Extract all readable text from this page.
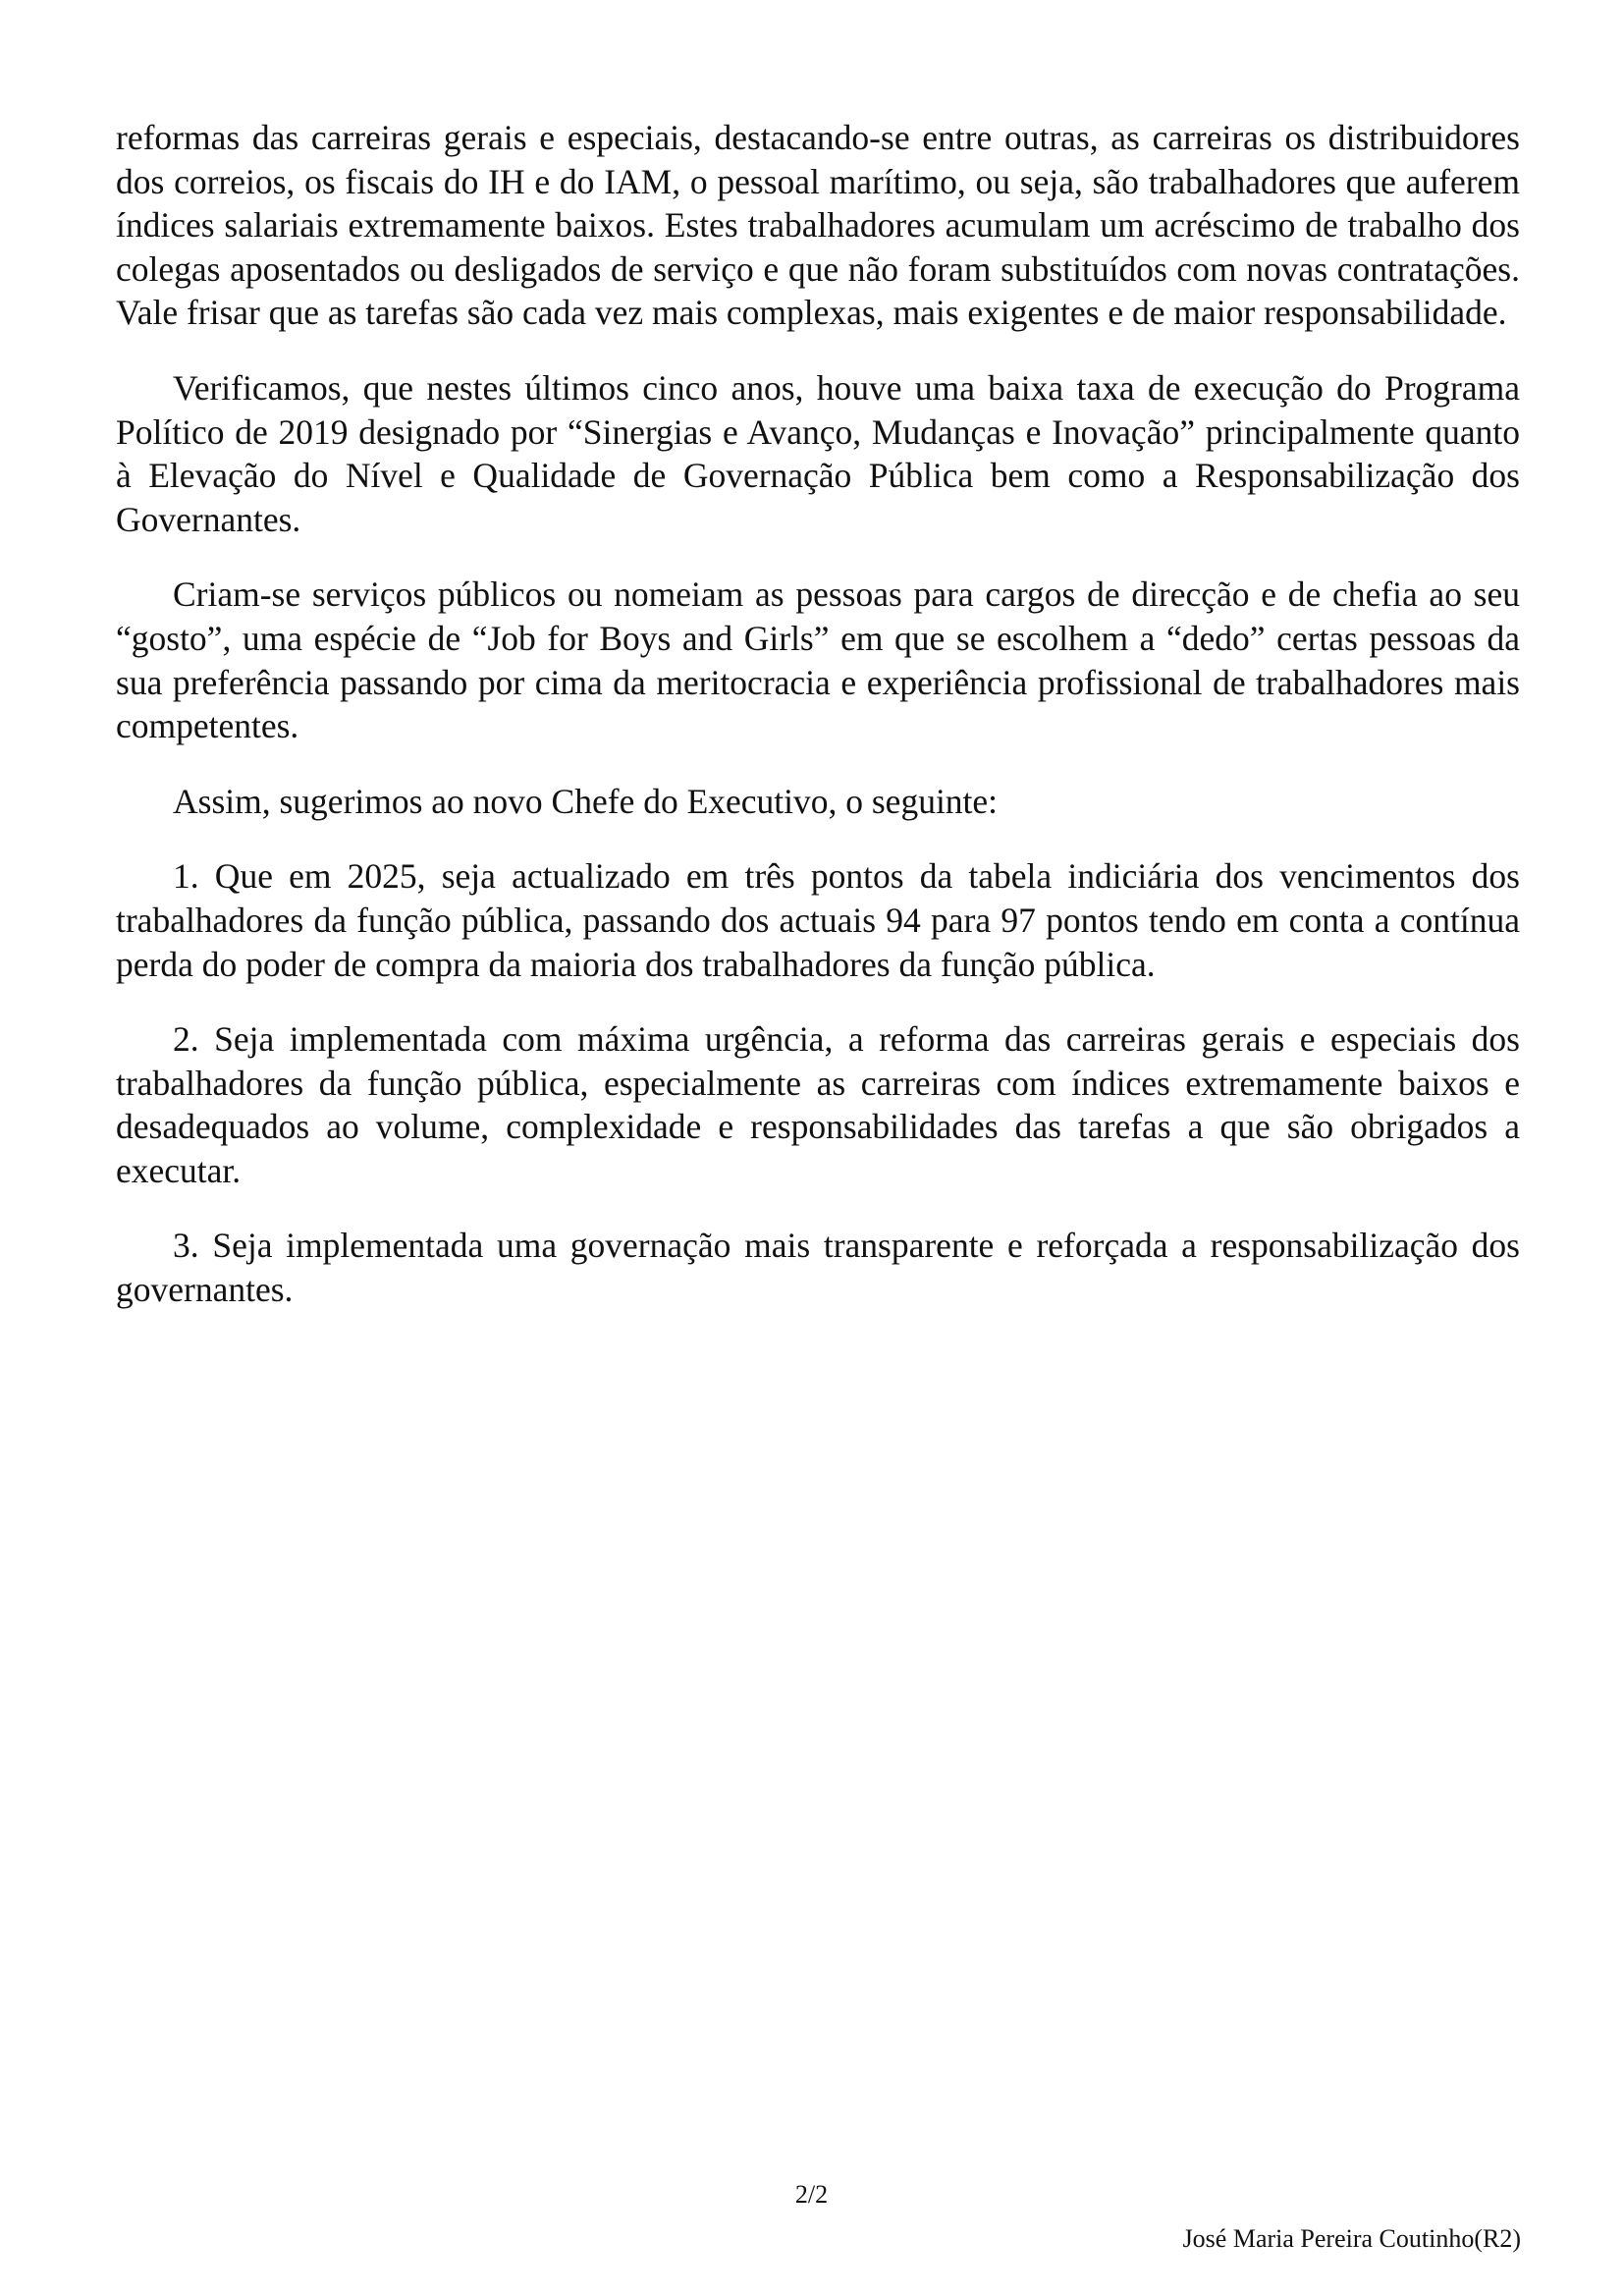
reformas das carreiras gerais e especiais, destacando-se entre outras, as carreiras os distribuidores dos correios, os fiscais do IH e do IAM, o pessoal marítimo, ou seja, são trabalhadores que auferem índices salariais extremamente baixos. Estes trabalhadores acumulam um acréscimo de trabalho dos colegas aposentados ou desligados de serviço e que não foram substituídos com novas contratações. Vale frisar que as tarefas são cada vez mais complexas, mais exigentes e de maior responsabilidade.

Verificamos, que nestes últimos cinco anos, houve uma baixa taxa de execução do Programa Político de 2019 designado por “Sinergias e Avanço, Mudanças e Inovação” principalmente quanto à Elevação do Nível e Qualidade de Governação Pública bem como a Responsabilização dos Governantes.

Criam-se serviços públicos ou nomeiam as pessoas para cargos de direcção e de chefia ao seu “gosto”, uma espécie de “Job for Boys and Girls” em que se escolhem a “dedo” certas pessoas da sua preferência passando por cima da meritocracia e experiência profissional de trabalhadores mais competentes.

Assim, sugerimos ao novo Chefe do Executivo, o seguinte:

1. Que em 2025, seja actualizado em três pontos da tabela indiciária dos vencimentos dos trabalhadores da função pública, passando dos actuais 94 para 97 pontos tendo em conta a contínua perda do poder de compra da maioria dos trabalhadores da função pública.

2. Seja implementada com máxima urgência, a reforma das carreiras gerais e especiais dos trabalhadores da função pública, especialmente as carreiras com índices extremamente baixos e desadequados ao volume, complexidade e responsabilidades das tarefas a que são obrigados a executar.

3. Seja implementada uma governação mais transparente e reforçada a responsabilização dos governantes.

2/2
José Maria Pereira Coutinho(R2)
